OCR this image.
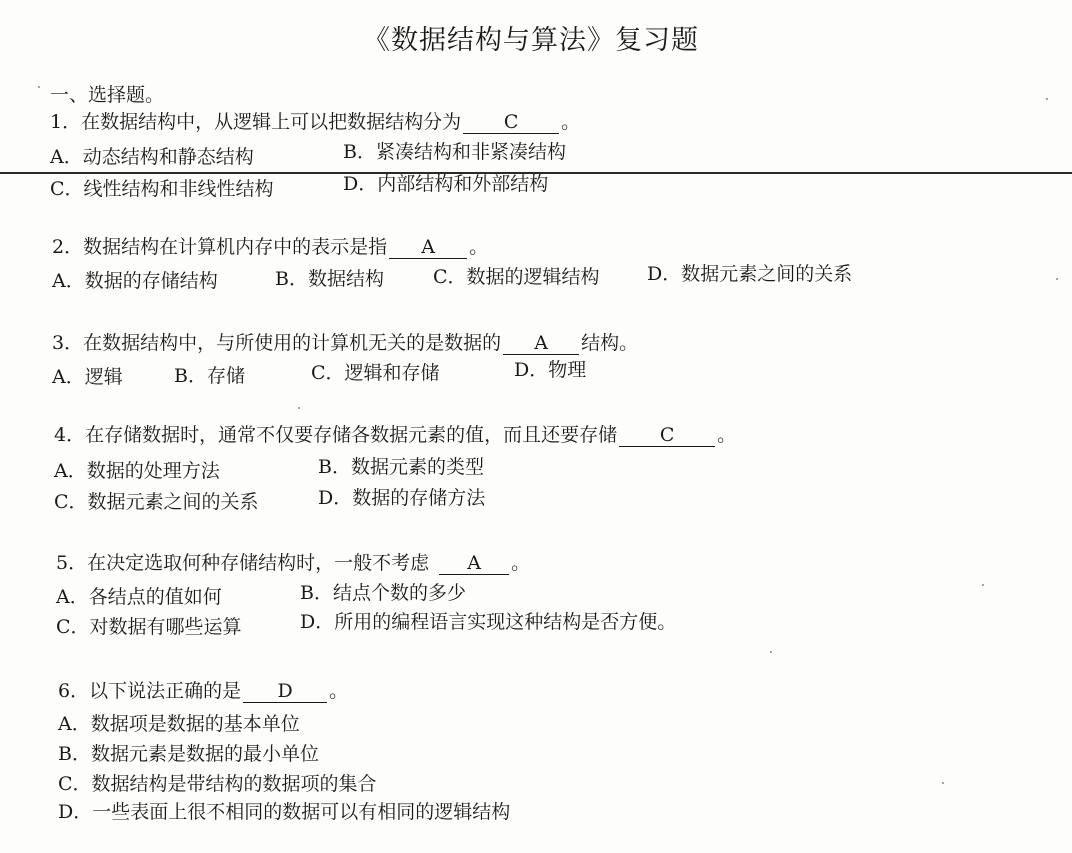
《数据结构与算法》复习题
一、选择题。
1．在数据结构中，从逻辑上可以把数据结构分为 C 。
A．动态结构和静态结构	B．紧凑结构和非紧凑结构
C．线性结构和非线性结构	D．内部结构和外部结构
2．数据结构在计算机内存中的表示是指 A 。
A．数据的存储结构	B．数据结构	C．数据的逻辑结构 D．数据元素之间的关系
3．在数据结构中，与所使用的计算机无关的是数据的 A 结构。
A．逻辑	B．存储	C．逻辑和存储	D．物理
4．在存储数据时，通常不仅要存储各数据元素的值，而且还要存储 C 。
A．数据的处理方法	B．数据元素的类型
C．数据元素之间的关系	D．数据的存储方法
5．在决定选取何种存储结构时，一般不考虑 A 。
A．各结点的值如何	B．结点个数的多少
C．对数据有哪些运算	D．所用的编程语言实现这种结构是否方便。
6．以下说法正确的是 D 。
A．数据项是数据的基本单位
B．数据元素是数据的最小单位
C．数据结构是带结构的数据项的集合
D．一些表面上很不相同的数据可以有相同的逻辑结构
